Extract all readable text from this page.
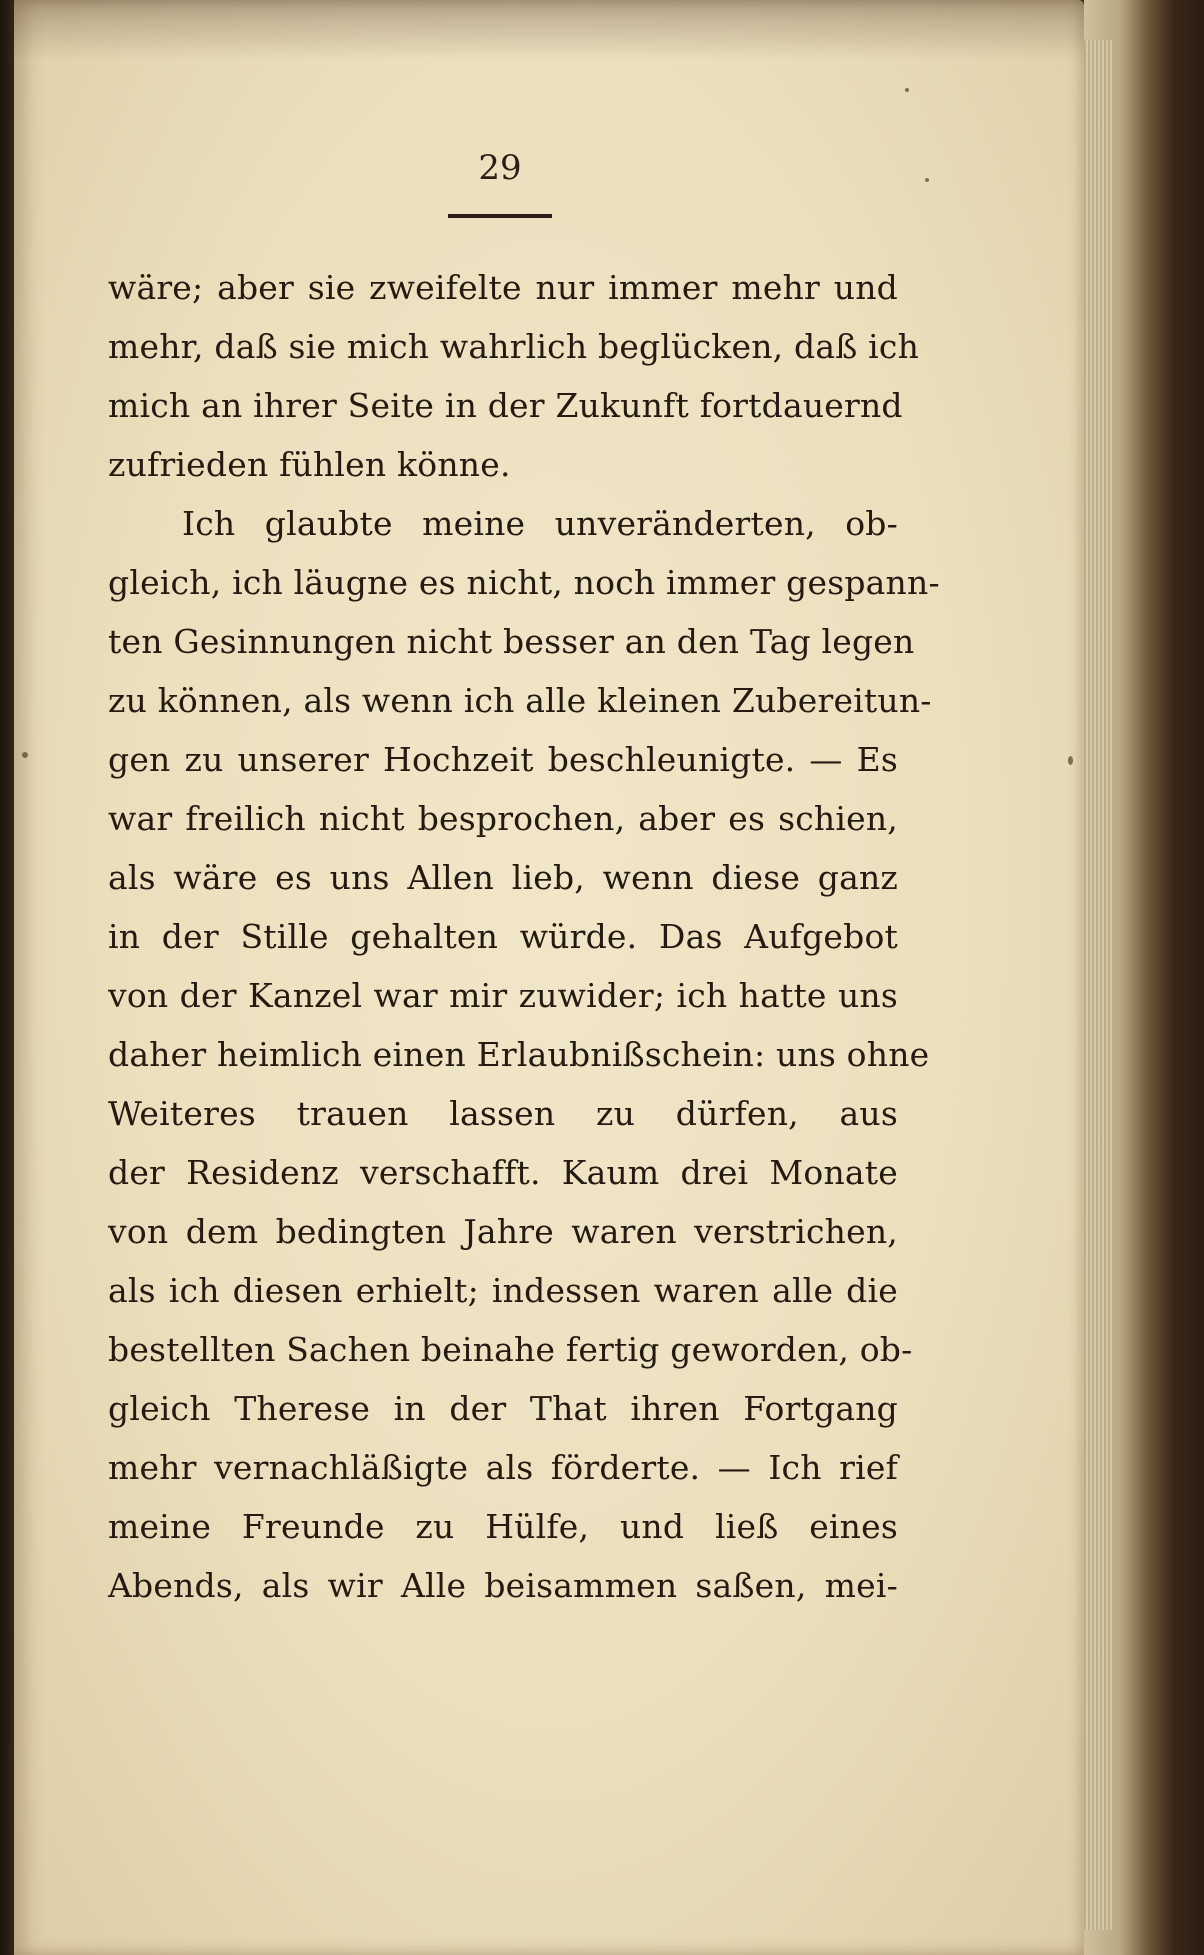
29
wäre; aber sie zweifelte nur immer mehr und
mehr, daß sie mich wahrlich beglücken, daß ich
mich an ihrer Seite in der Zukunft fortdauernd
zufrieden fühlen könne.
Ich glaubte meine unveränderten, ob-
gleich, ich läugne es nicht, noch immer gespann-
ten Gesinnungen nicht besser an den Tag legen
zu können, als wenn ich alle kleinen Zubereitun-
gen zu unserer Hochzeit beschleunigte. — Es
war freilich nicht besprochen, aber es schien,
als wäre es uns Allen lieb, wenn diese ganz
in der Stille gehalten würde. Das Aufgebot
von der Kanzel war mir zuwider; ich hatte uns
daher heimlich einen Erlaubnißschein: uns ohne
Weiteres trauen lassen zu dürfen, aus
der Residenz verschafft. Kaum drei Monate
von dem bedingten Jahre waren verstrichen,
als ich diesen erhielt; indessen waren alle die
bestellten Sachen beinahe fertig geworden, ob-
gleich Therese in der That ihren Fortgang
mehr vernachläßigte als förderte. — Ich rief
meine Freunde zu Hülfe, und ließ eines
Abends, als wir Alle beisammen saßen, mei-
